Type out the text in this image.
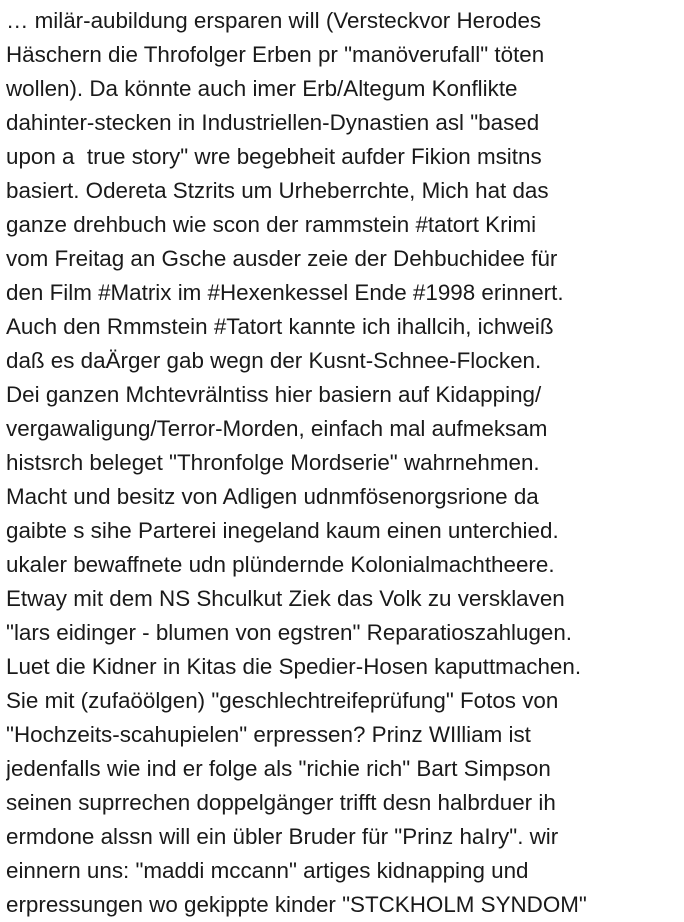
… milär-aubildung ersparen will (Versteckvor Herodes
Häschern die Throfolger Erben pr "manöverufall" töten
wollen). Da könnte auch imer Erb/Altegum Konflikte
dahinter-stecken in Industriellen-Dynastien asl "based
upon a  true story" wre begebheit aufder Fikion msitns
basiert. Odereta Stzrits um Urheberrchte, Mich hat das
ganze drehbuch wie scon der rammstein #tatort Krimi
vom Freitag an Gsche ausder zeie der Dehbuchidee für
den Film #Matrix im #Hexenkessel Ende #1998 erinnert.
Auch den Rmmstein #Tatort kannte ich ihallcih, ichweiß
daß es daÄrger gab wegn der Kusnt-Schnee-Flocken.
Dei ganzen Mchtevrälntiss hier basiern auf Kidapping/
vergawaligung/Terror-Morden, einfach mal aufmeksam
histsrch beleget "Thronfolge Mordserie" wahrnehmen.
Macht und besitz von Adligen udnmfösenorgsrione da
gaibte s sihe Parterei inegeland kaum einen unterchied.
ukaler bewaffnete udn plündernde Kolonialmachtheere.
Etway mit dem NS Shculkut Ziek das Volk zu versklaven
"lars eidinger - blumen von egstren" Reparatioszahlugen.
Luet die Kidner in Kitas die Spedier-Hosen kaputtmachen.
Sie mit (zufaöölgen) "geschlechtreifeprüfung" Fotos von
"Hochzeits-scahupielen" erpressen? Prinz WIlliam ist
jedenfalls wie ind er folge als "richie rich" Bart Simpson
seinen suprrechen doppelgänger trifft desn halbrduer ih
ermdone alssn will ein übler Bruder für "Prinz haIry". wir
einnern uns: "maddi mccann" artiges kidnapping und
erpressungen wo gekippte kinder "STCKHOLM SYNDOM"
